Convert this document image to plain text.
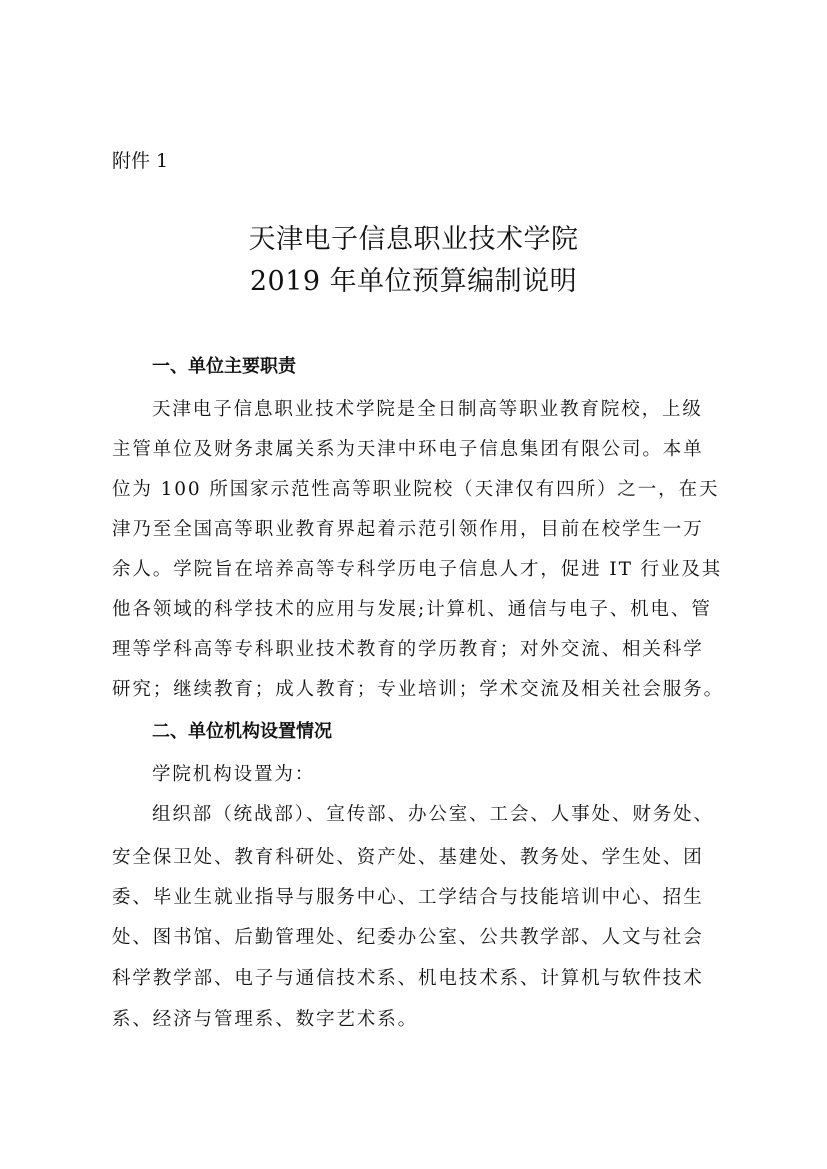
附件 1
天津电子信息职业技术学院
2019 年单位预算编制说明
一、单位主要职责
天津电子信息职业技术学院是全日制高等职业教育院校，上级
主管单位及财务隶属关系为天津中环电子信息集团有限公司。本单
位为 100 所国家示范性高等职业院校（天津仅有四所）之一，在天
津乃至全国高等职业教育界起着示范引领作用，目前在校学生一万
余人。学院旨在培养高等专科学历电子信息人才，促进 IT 行业及其
他各领域的科学技术的应用与发展;计算机、通信与电子、机电、管
理等学科高等专科职业技术教育的学历教育；对外交流、相关科学
研究；继续教育；成人教育；专业培训；学术交流及相关社会服务。
二、单位机构设置情况
学院机构设置为：
组织部（统战部）、宣传部、办公室、工会、人事处、财务处、
安全保卫处、教育科研处、资产处、基建处、教务处、学生处、团
委、毕业生就业指导与服务中心、工学结合与技能培训中心、招生
处、图书馆、后勤管理处、纪委办公室、公共教学部、人文与社会
科学教学部、电子与通信技术系、机电技术系、计算机与软件技术
系、经济与管理系、数字艺术系。
